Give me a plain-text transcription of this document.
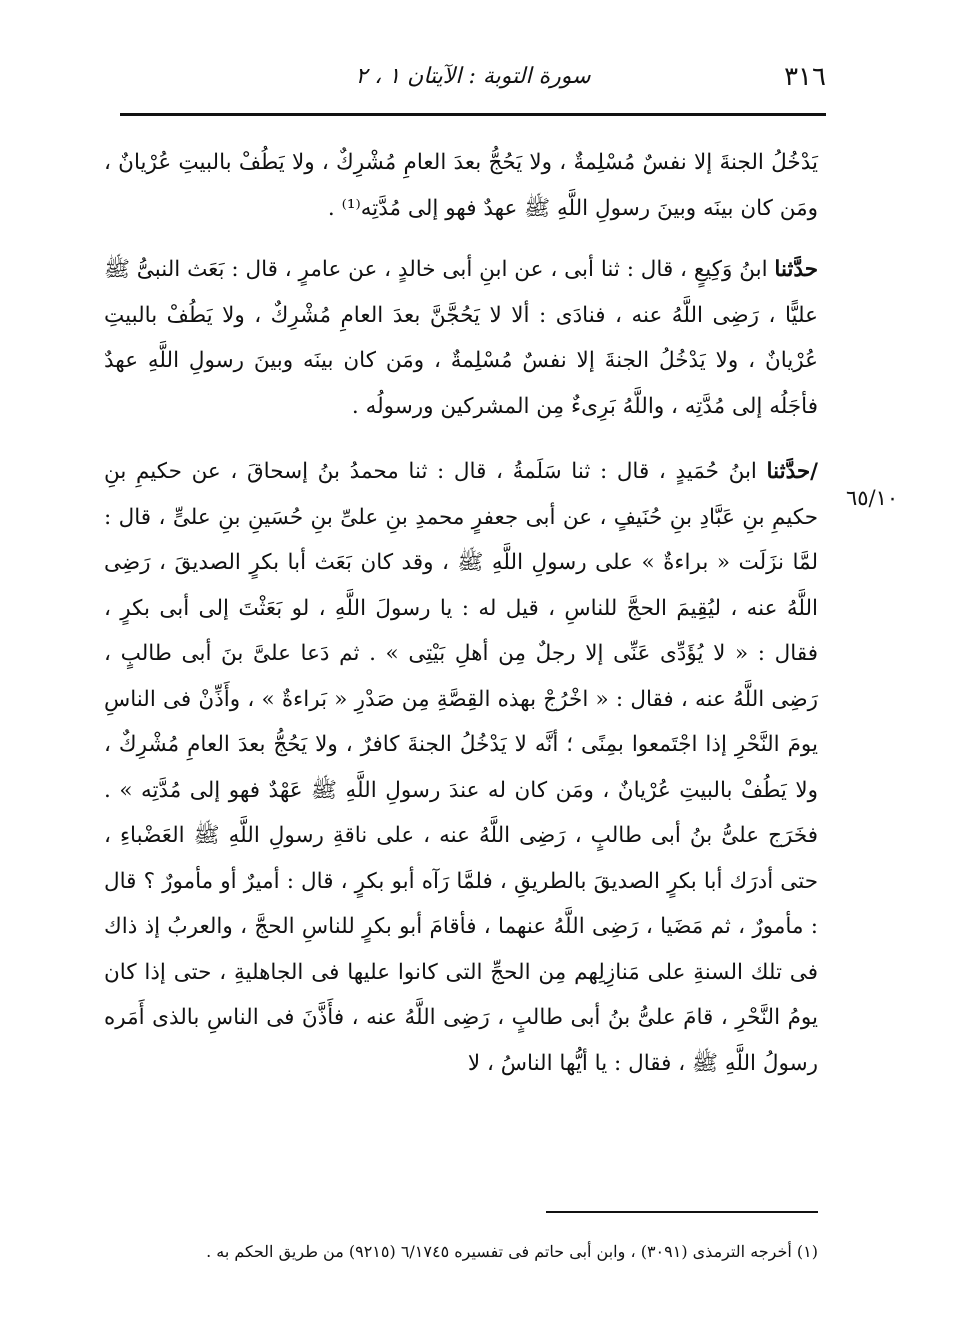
٣١٦
سورة التوبة : الآيتان ١ ، ٢
٦٥/١٠

يَدْخُلُ الجنةَ إلا نفسٌ مُسْلِمةٌ ، ولا يَحُجُّ بعدَ العامِ مُشْرِكٌ ، ولا يَطُفْ بالبيتِ عُرْيانٌ ، ومَن كان بينَه وبينَ رسولِ اللَّهِ ﷺ عهدٌ فهو إلى مُدَّتِه⁽¹⁾ .

حدَّثنا ابنُ وَكِيعٍ ، قال : ثنا أبى ، عن ابنِ أبى خالدٍ ، عن عامرٍ ، قال : بَعَث النبىُّ ﷺ عليًّا ، رَضِى اللَّهُ عنه ، فنادَى : ألا لا يَحُجَّنَّ بعدَ العامِ مُشْرِكٌ ، ولا يَطُفْ بالبيتِ عُرْيانٌ ، ولا يَدْخُلُ الجنةَ إلا نفسٌ مُسْلِمةٌ ، ومَن كان بينَه وبينَ رسولِ اللَّهِ عهدٌ فأجَلُه إلى مُدَّتِه ، واللَّهُ بَرِىءٌ مِن المشركين ورسولُه .

/حدَّثنا ابنُ حُمَيدٍ ، قال : ثنا سَلَمةُ ، قال : ثنا محمدُ بنُ إسحاقَ ، عن حكيمِ بنِ حكيمِ بنِ عَبَّادِ بنِ حُنَيفٍ ، عن أبى جعفرٍ محمدِ بنِ علىِّ بنِ حُسَينِ بنِ علىٍّ ، قال : لمَّا نزَلَت « براءةٌ » على رسولِ اللَّهِ ﷺ ، وقد كان بَعَث أبا بكرٍ الصديقَ ، رَضِى اللَّهُ عنه ، ليُقِيمَ الحجَّ للناسِ ، قيل له : يا رسولَ اللَّهِ ، لو بَعَثْتَ إلى أبى بكرٍ ، فقال : « لا يُؤَدِّى عَنِّى إلا رجلٌ مِن أهلِ بَيْتِى » . ثم دَعا علىَّ بنَ أبى طالبٍ ، رَضِى اللَّهُ عنه ، فقال : « اخْرُجْ بهذه القِصَّةِ مِن صَدْرِ « بَراءةٌ » ، وأَذِّنْ فى الناسِ يومَ النَّحْرِ إذا اجْتَمعوا بمِنًى ؛ أنَّه لا يَدْخُلُ الجنةَ كافرٌ ، ولا يَحُجُّ بعدَ العامِ مُشْرِكٌ ، ولا يَطُفْ بالبيتِ عُرْيانٌ ، ومَن كان له عندَ رسولِ اللَّهِ ﷺ عَهْدٌ فهو إلى مُدَّتِه » . فخَرَج علىُّ بنُ أبى طالبٍ ، رَضِى اللَّهُ عنه ، على ناقةِ رسولِ اللَّهِ ﷺ العَضْباءِ ، حتى أدرَك أبا بكرٍ الصديقَ بالطريقِ ، فلمَّا رَآه أبو بكرٍ ، قال : أميرٌ أو مأمورٌ ؟ قال : مأمورٌ ، ثم مَضَيا ، رَضِى اللَّهُ عنهما ، فأقامَ أبو بكرٍ للناسِ الحجَّ ، والعربُ إذ ذاك فى تلك السنةِ على مَنازِلِهم مِن الحجِّ التى كانوا عليها فى الجاهليةِ ، حتى إذا كان يومُ النَّحْرِ ، قامَ علىُّ بنُ أبى طالبٍ ، رَضِى اللَّهُ عنه ، فأَذَّنَ فى الناسِ بالذى أَمَره رسولُ اللَّهِ ﷺ ، فقال : يا أيُّها الناسُ ، لا

(١) أخرجه الترمذى (٣٠٩١) ، وابن أبى حاتم فى تفسيره ٦/١٧٤٥ (٩٢١٥) من طريق الحكم به .
